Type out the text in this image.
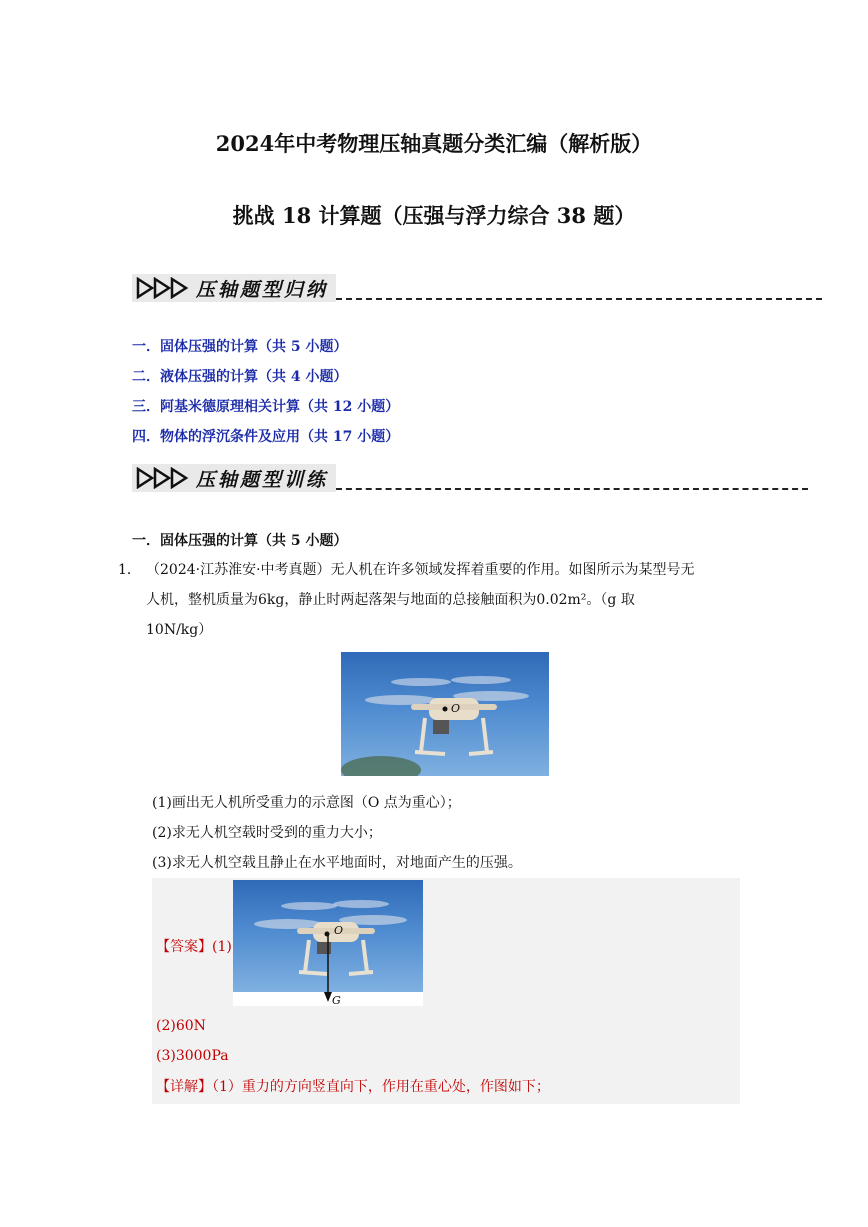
2024年中考物理压轴真题分类汇编（解析版）
挑战 18 计算题（压强与浮力综合 38 题）
压轴题型归纳
一．固体压强的计算（共 5 小题）
二．液体压强的计算（共 4 小题）
三．阿基米德原理相关计算（共 12 小题）
四．物体的浮沉条件及应用（共 17 小题）
压轴题型训练
一．固体压强的计算（共 5 小题）
1． （2024·江苏淮安·中考真题）无人机在许多领域发挥着重要的作用。如图所示为某型号无
人机，整机质量为6kg，静止时两起落架与地面的总接触面积为0.02m²。（g 取
10N/kg）
O
(1)画出无人机所受重力的示意图（O 点为重心）；
(2)求无人机空载时受到的重力大小；
(3)求无人机空载且静止在水平地面时，对地面产生的压强。
【答案】(1)
O
G
(2)60N
(3)3000Pa
【详解】（1）重力的方向竖直向下，作用在重心处，作图如下；
